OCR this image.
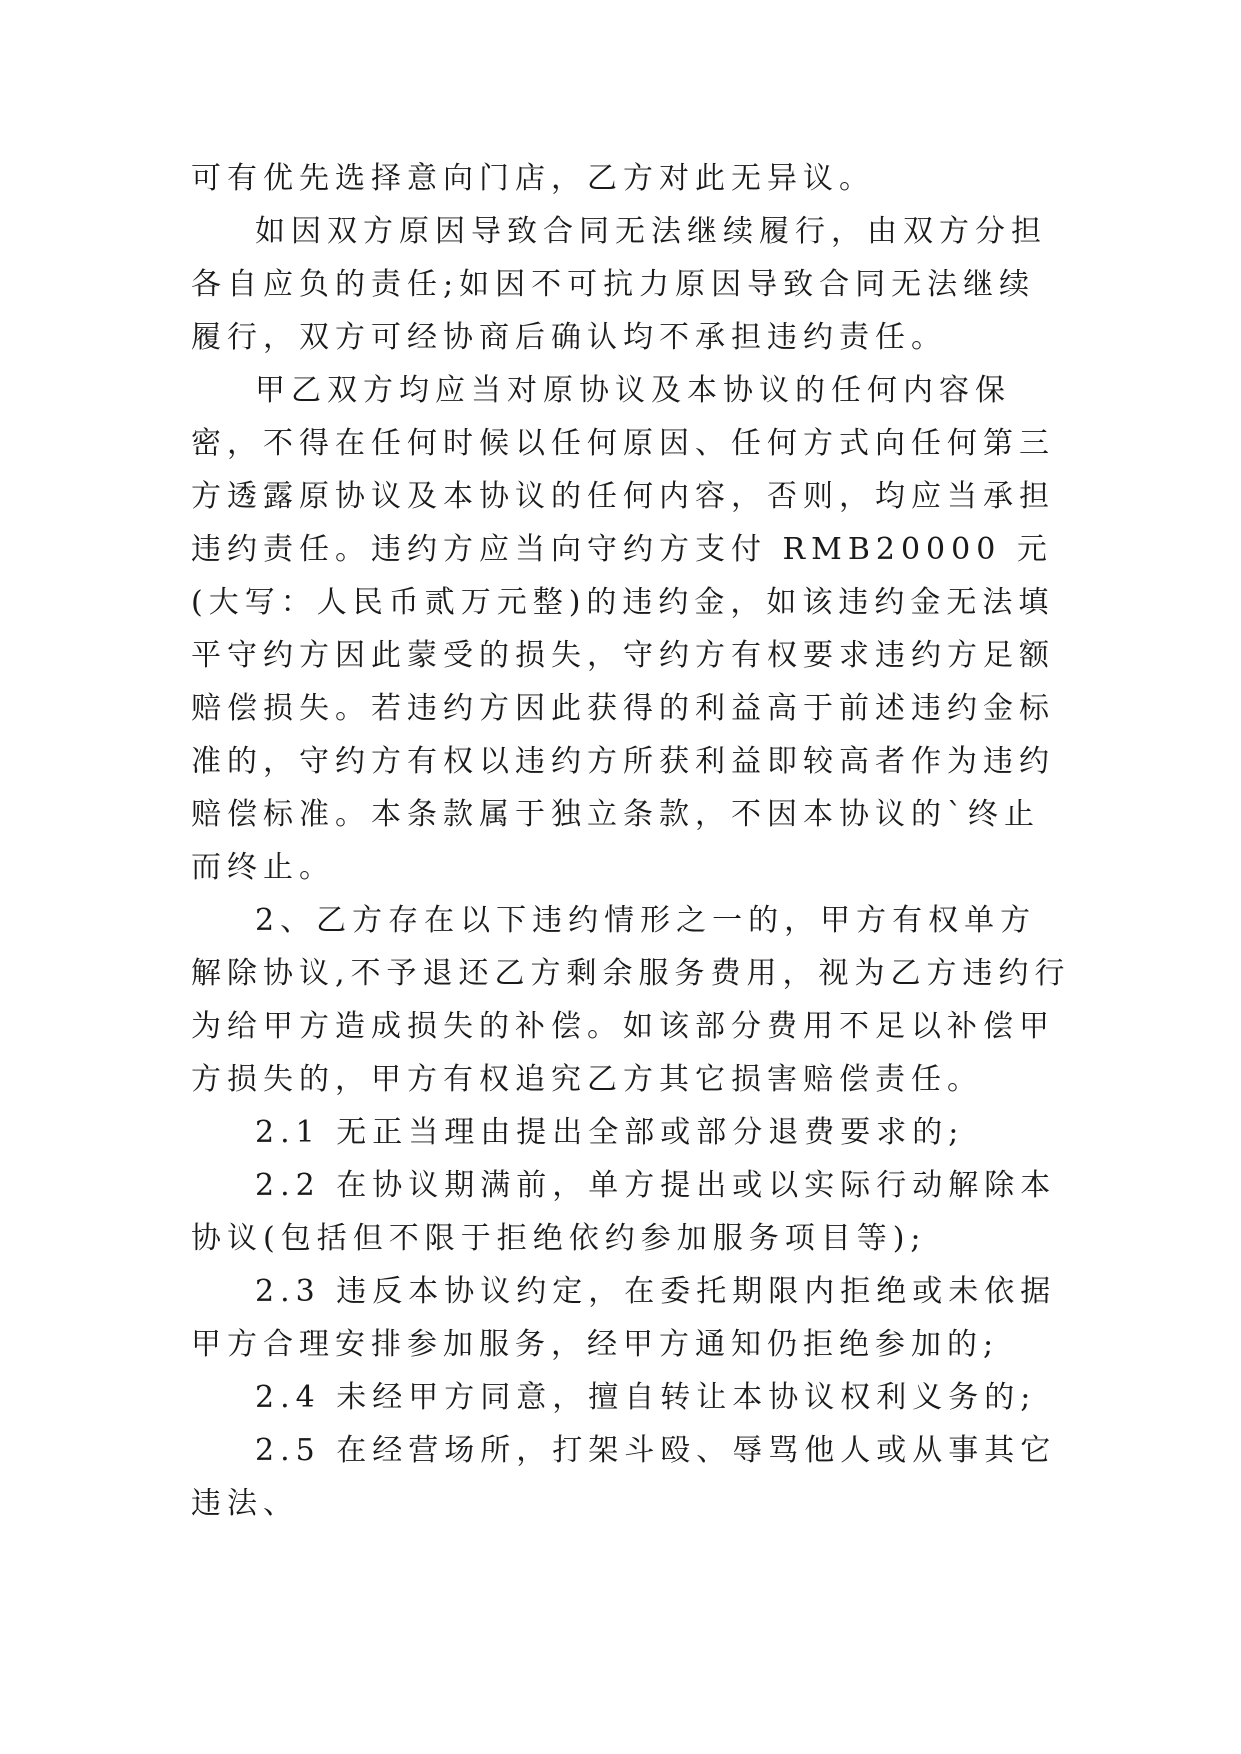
可有优先选择意向门店，乙方对此无异议。

如因双方原因导致合同无法继续履行，由双方分担各自应负的责任;如因不可抗力原因导致合同无法继续履行，双方可经协商后确认均不承担违约责任。

甲乙双方均应当对原协议及本协议的任何内容保密，不得在任何时候以任何原因、任何方式向任何第三方透露原协议及本协议的任何内容，否则，均应当承担违约责任。违约方应当向守约方支付 RMB20000 元(大写：人民币贰万元整)的违约金，如该违约金无法填平守约方因此蒙受的损失，守约方有权要求违约方足额赔偿损失。若违约方因此获得的利益高于前述违约金标准的，守约方有权以违约方所获利益即较高者作为违约赔偿标准。本条款属于独立条款，不因本协议的`终止而终止。

2、乙方存在以下违约情形之一的，甲方有权单方解除协议,不予退还乙方剩余服务费用，视为乙方违约行为给甲方造成损失的补偿。如该部分费用不足以补偿甲方损失的，甲方有权追究乙方其它损害赔偿责任。

2.1 无正当理由提出全部或部分退费要求的;

2.2 在协议期满前，单方提出或以实际行动解除本协议(包括但不限于拒绝依约参加服务项目等);

2.3 违反本协议约定，在委托期限内拒绝或未依据甲方合理安排参加服务，经甲方通知仍拒绝参加的;

2.4 未经甲方同意，擅自转让本协议权利义务的;

2.5 在经营场所，打架斗殴、辱骂他人或从事其它违法、
